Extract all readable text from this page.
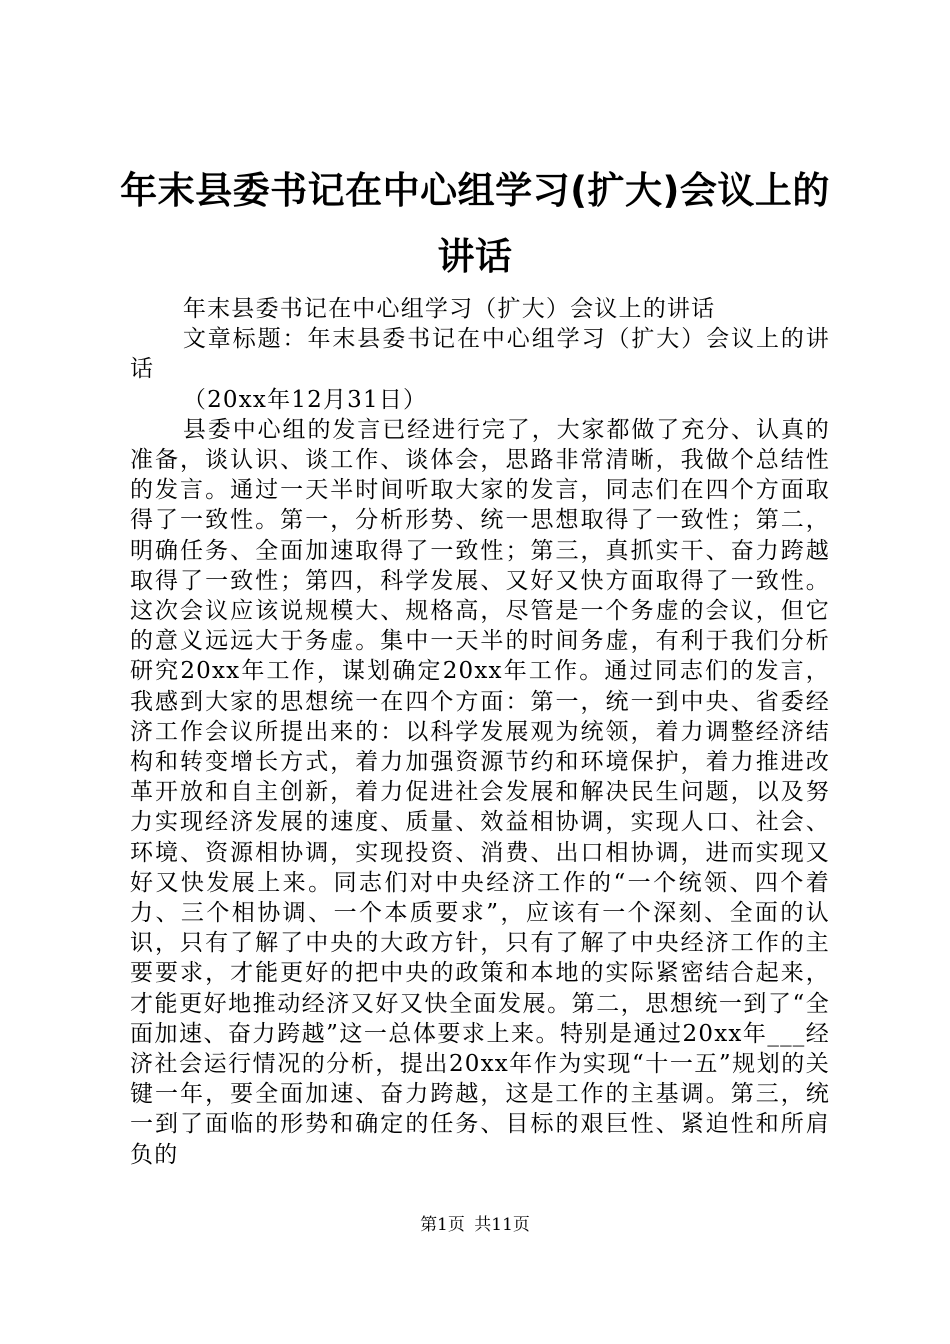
年末县委书记在中心组学习(扩大)会议上的讲话

年末县委书记在中心组学习（扩大）会议上的讲话

文章标题：年末县委书记在中心组学习（扩大）会议上的讲话

（20xx年12月31日）

县委中心组的发言已经进行完了，大家都做了充分、认真的准备，谈认识、谈工作、谈体会，思路非常清晰，我做个总结性的发言。通过一天半时间听取大家的发言，同志们在四个方面取得了一致性。第一，分析形势、统一思想取得了一致性；第二，明确任务、全面加速取得了一致性；第三，真抓实干、奋力跨越取得了一致性；第四，科学发展、又好又快方面取得了一致性。这次会议应该说规模大、规格高，尽管是一个务虚的会议，但它的意义远远大于务虚。集中一天半的时间务虚，有利于我们分析研究20xx年工作，谋划确定20xx年工作。通过同志们的发言，我感到大家的思想统一在四个方面：第一，统一到中央、省委经济工作会议所提出来的：以科学发展观为统领，着力调整经济结构和转变增长方式，着力加强资源节约和环境保护，着力推进改革开放和自主创新，着力促进社会发展和解决民生问题，以及努力实现经济发展的速度、质量、效益相协调，实现人口、社会、环境、资源相协调，实现投资、消费、出口相协调，进而实现又好又快发展上来。同志们对中央经济工作的“一个统领、四个着力、三个相协调、一个本质要求”，应该有一个深刻、全面的认识，只有了解了中央的大政方针，只有了解了中央经济工作的主要要求，才能更好的把中央的政策和本地的实际紧密结合起来，才能更好地推动经济又好又快全面发展。第二，思想统一到了“全面加速、奋力跨越”这一总体要求上来。特别是通过20xx年___经济社会运行情况的分析，提出20xx年作为实现“十一五”规划的关键一年，要全面加速、奋力跨越，这是工作的主基调。第三，统一到了面临的形势和确定的任务、目标的艰巨性、紧迫性和所肩负的

第1页 共11页
